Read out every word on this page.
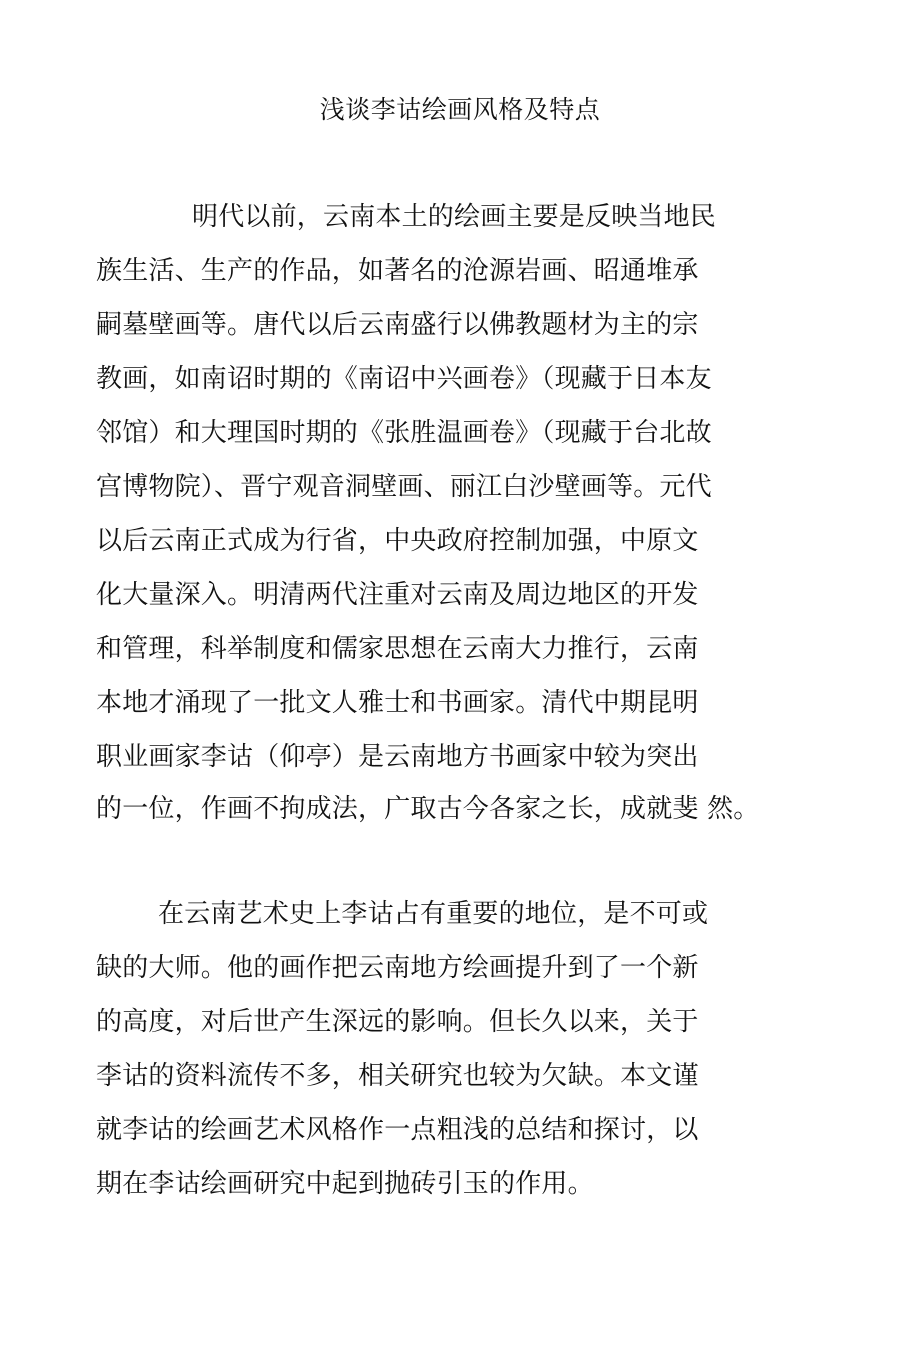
浅谈李诂绘画风格及特点
明代以前，云南本土的绘画主要是反映当地民
族生活、生产的作品，如著名的沧源岩画、昭通堆承
嗣墓壁画等。唐代以后云南盛行以佛教题材为主的宗
教画，如南诏时期的《南诏中兴画卷》（现藏于日本友
邻馆）和大理国时期的《张胜温画卷》（现藏于台北故
宫博物院）、晋宁观音洞壁画、丽江白沙壁画等。元代
以后云南正式成为行省，中央政府控制加强，中原文
化大量深入。明清两代注重对云南及周边地区的开发
和管理，科举制度和儒家思想在云南大力推行，云南
本地才涌现了一批文人雅士和书画家。清代中期昆明
职业画家李诂（仰亭）是云南地方书画家中较为突出
的一位，作画不拘成法，广取古今各家之长，成就斐 然。
在云南艺术史上李诂占有重要的地位，是不可或
缺的大师。他的画作把云南地方绘画提升到了一个新
的高度，对后世产生深远的影响。但长久以来，关于
李诂的资料流传不多，相关研究也较为欠缺。本文谨
就李诂的绘画艺术风格作一点粗浅的总结和探讨，以
期在李诂绘画研究中起到抛砖引玉的作用。
